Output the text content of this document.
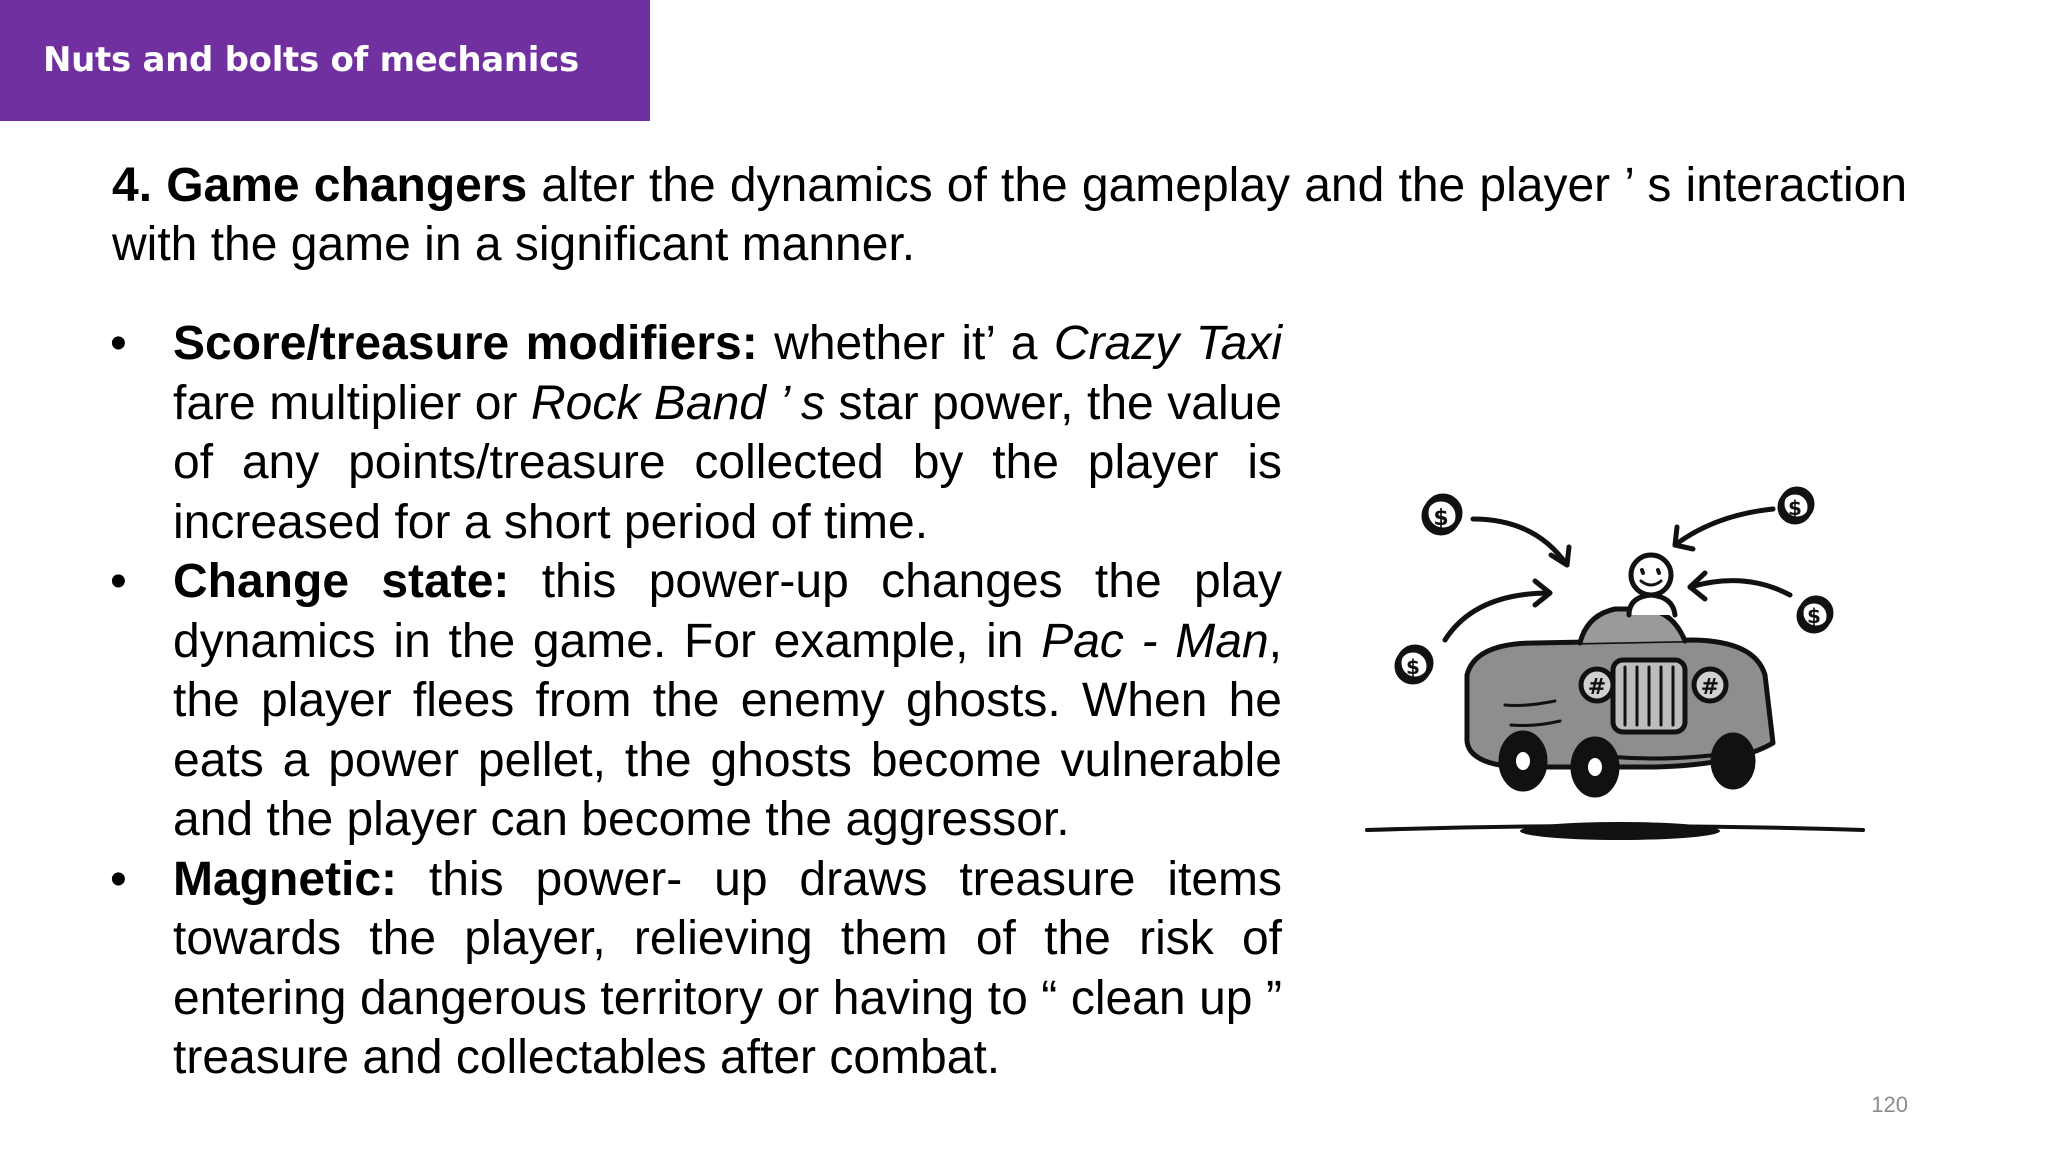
Nuts and bolts of mechanics

4. Game changers alter the dynamics of the gameplay and the player ’ s interaction with the game in a significant manner.

• Score/treasure modifiers: whether it’ a Crazy Taxi fare multiplier or Rock Band ’ s star power, the value of any points/treasure collected by the player is increased for a short period of time.
• Change state: this power-up changes the play dynamics in the game. For example, in Pac - Man, the player flees from the enemy ghosts. When he eats a power pellet, the ghosts become vulnerable and the player can become the aggressor.
• Magnetic: this power- up draws treasure items towards the player, relieving them of the risk of entering dangerous territory or having to “ clean up ” treasure and collectables after combat.
$	$
$
$
#	#
120
